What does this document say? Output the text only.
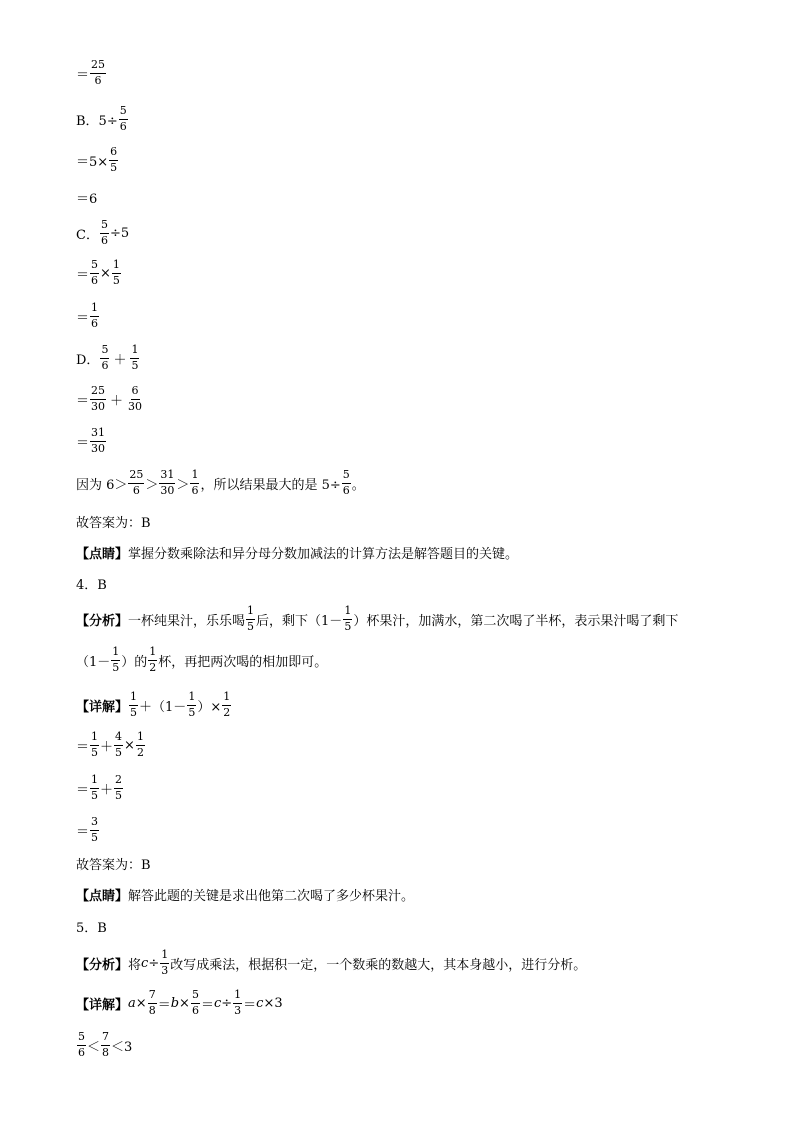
＝ $\frac{25}{6}$
B．$5\div \frac{5}{6}$
$=5\times \frac{6}{5}$
＝6
C． $\frac{5}{6} \div 5$
＝ $\frac{5}{6} \times \frac{1}{5}$
＝ $\frac{1}{6}$
D． $\frac{5}{6} + \frac{1}{5}$
＝ $\frac{25}{30} + \frac{6}{30}$
＝ $\frac{31}{30}$
因为 $6> \frac{25}{6} > \frac{31}{30} > \frac{1}{6}$ ，所以结果最大的是 $5\div \frac{5}{6}$ 。
故答案为：B
【点睛】 掌握分数乘除法和异分母分数加减法的计算方法是解答题目的关键。
4．B
【分析】 一杯纯果汁，乐乐喝 $\frac{1}{5}$ 后，剩下（$1- \frac{1}{5}$ ）杯果汁，加满水，第二次喝了半杯，表示果汁喝了剩下
（$1- \frac{1}{5}$ ）的 $\frac{1}{2}$ 杯，再把两次喝的相加即可。
【详解】 $\frac{1}{5} + (1- \frac{1}{5}$ ）× $\frac{1}{2}$
＝ $\frac{1}{5} + \frac{4}{5} \times \frac{1}{2}$
＝ $\frac{1}{5} + \frac{2}{5}$
＝ $\frac{3}{5}$
故答案为：B
【点睛】 解答此题的关键是求出他第二次喝了多少杯果汁。
5．B
【分析】 将 $c \div \frac{1}{3}$ 改写成乘法，根据积一定，一个数乘的数越大，其本身越小，进行分析。
【详解】 $a \times \frac{7}{8} = b \times \frac{5}{6} = c \div \frac{1}{3} = c \times 3$
$\frac{5}{6} < \frac{7}{8} <3$
